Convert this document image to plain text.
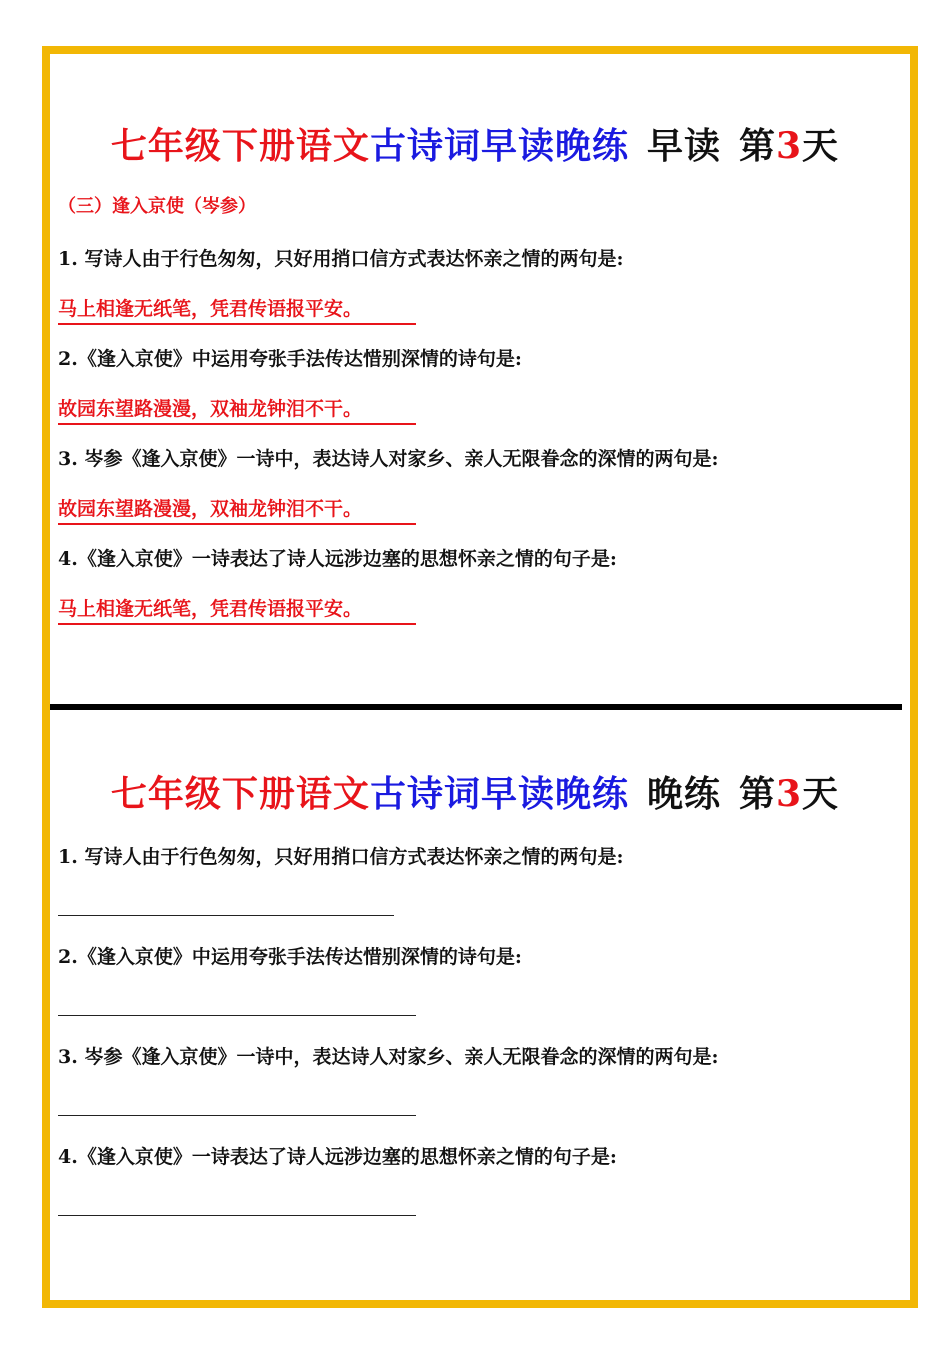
七年级下册语文古诗词早读晚练 早读 第3天
（三）逢入京使（岑参）
1. 写诗人由于行色匆匆，只好用捎口信方式表达怀亲之情的两句是:
马上相逢无纸笔，凭君传语报平安。
2.《逢入京使》中运用夸张手法传达惜别深情的诗句是:
故园东望路漫漫，双袖龙钟泪不干。
3. 岑参《逢入京使》一诗中，表达诗人对家乡、亲人无限眷念的深情的两句是:
故园东望路漫漫，双袖龙钟泪不干。
4.《逢入京使》一诗表达了诗人远涉边塞的思想怀亲之情的句子是:
马上相逢无纸笔，凭君传语报平安。
七年级下册语文古诗词早读晚练 晚练 第3天
1. 写诗人由于行色匆匆，只好用捎口信方式表达怀亲之情的两句是:
2.《逢入京使》中运用夸张手法传达惜别深情的诗句是:
3. 岑参《逢入京使》一诗中，表达诗人对家乡、亲人无限眷念的深情的两句是:
4.《逢入京使》一诗表达了诗人远涉边塞的思想怀亲之情的句子是:
